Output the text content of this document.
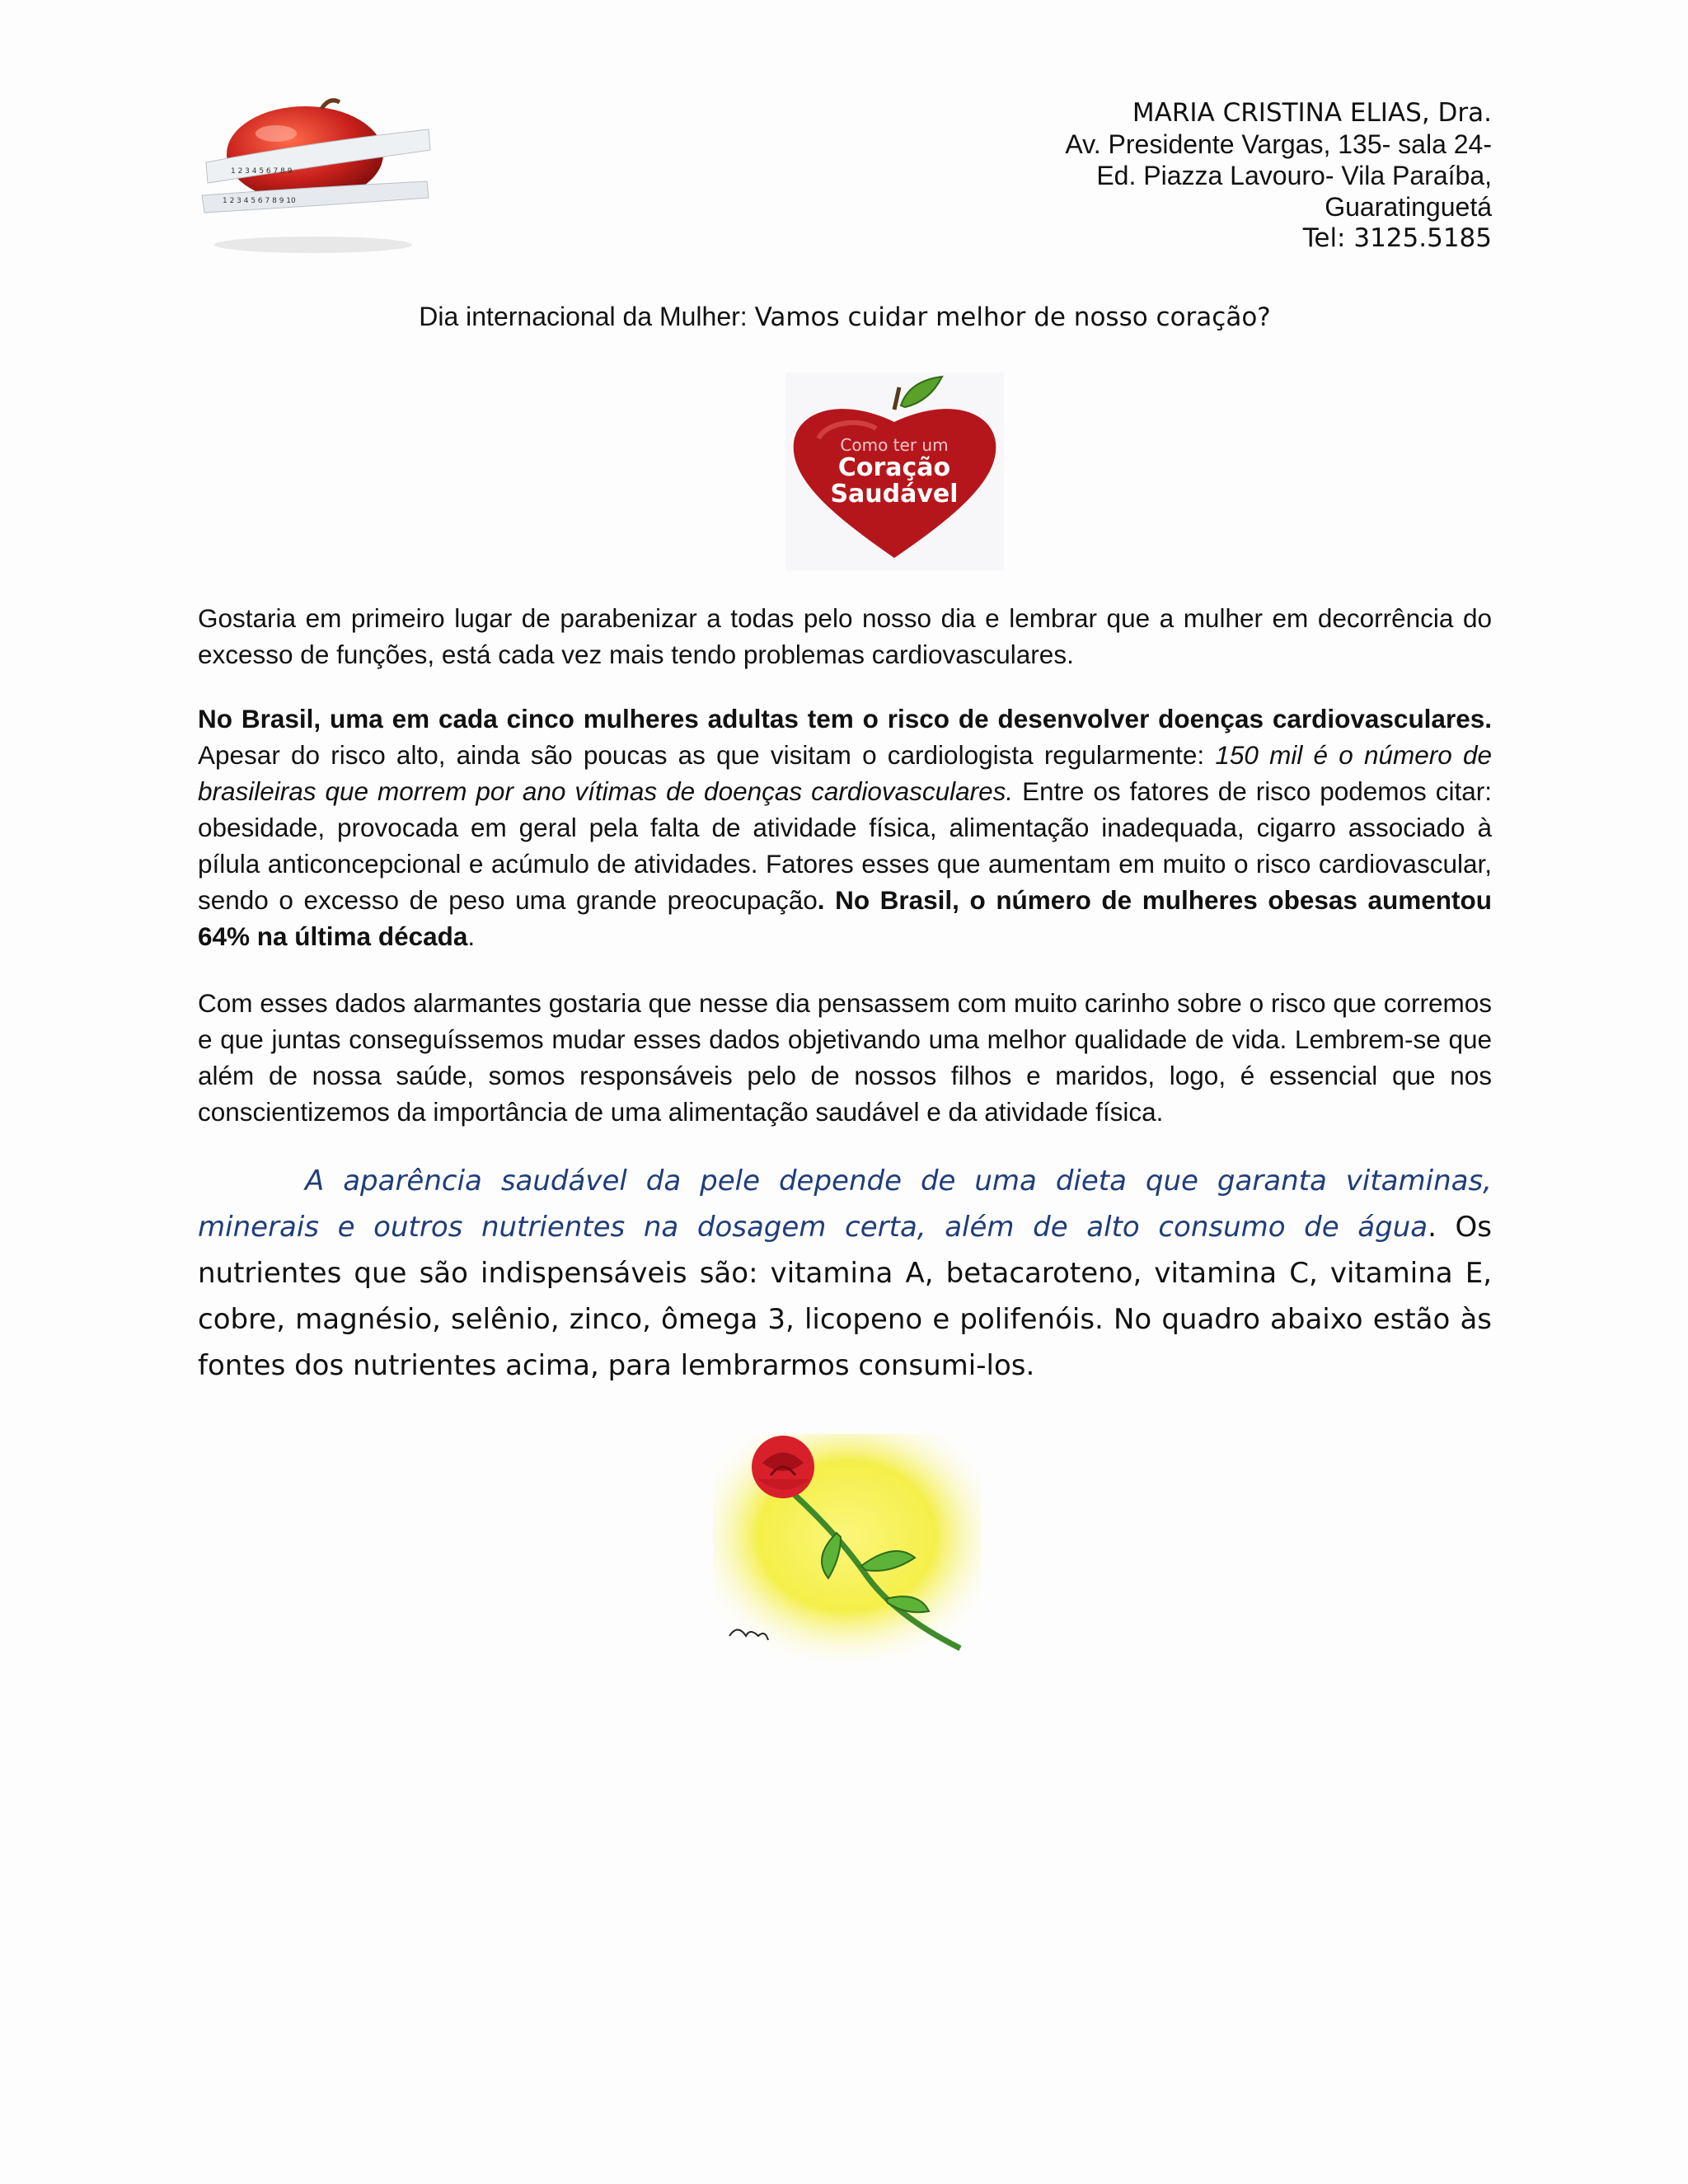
1 2 3 4 5 6 7 8 9
1 2 3 4 5 6 7 8 9 10
MARIA CRISTINA ELIAS, Dra.
Av. Presidente Vargas, 135- sala 24-
Ed. Piazza Lavouro- Vila Paraíba,
Guaratinguetá
Tel: 3125.5185
Dia internacional da Mulher: Vamos cuidar melhor de nosso coração?
Como ter um
Coração
Saudável
Gostaria em primeiro lugar de parabenizar a todas pelo nosso dia e lembrar que a mulher em decorrência do excesso de funções, está cada vez mais tendo problemas cardiovasculares.
No Brasil, uma em cada cinco mulheres adultas tem o risco de desenvolver doenças cardiovasculares. Apesar do risco alto, ainda são poucas as que visitam o cardiologista regularmente: 150 mil é o número de brasileiras que morrem por ano vítimas de doenças cardiovasculares. Entre os fatores de risco podemos citar: obesidade, provocada em geral pela falta de atividade física, alimentação inadequada, cigarro associado à pílula anticoncepcional e acúmulo de atividades. Fatores esses que aumentam em muito o risco cardiovascular, sendo o excesso de peso uma grande preocupação. No Brasil, o número de mulheres obesas aumentou 64% na última década.
Com esses dados alarmantes gostaria que nesse dia pensassem com muito carinho sobre o risco que corremos e que juntas conseguíssemos mudar esses dados objetivando uma melhor qualidade de vida. Lembrem-se que além de nossa saúde, somos responsáveis pelo de nossos filhos e maridos, logo, é essencial que nos conscientizemos da importância de uma alimentação saudável e da atividade física.
A aparência saudável da pele depende de uma dieta que garanta vitaminas, minerais e outros nutrientes na dosagem certa, além de alto consumo de água. Os nutrientes que são indispensáveis são: vitamina A, betacaroteno, vitamina C, vitamina E, cobre, magnésio, selênio, zinco, ômega 3, licopeno e polifenóis. No quadro abaixo estão às fontes dos nutrientes acima, para lembrarmos consumi-los.
